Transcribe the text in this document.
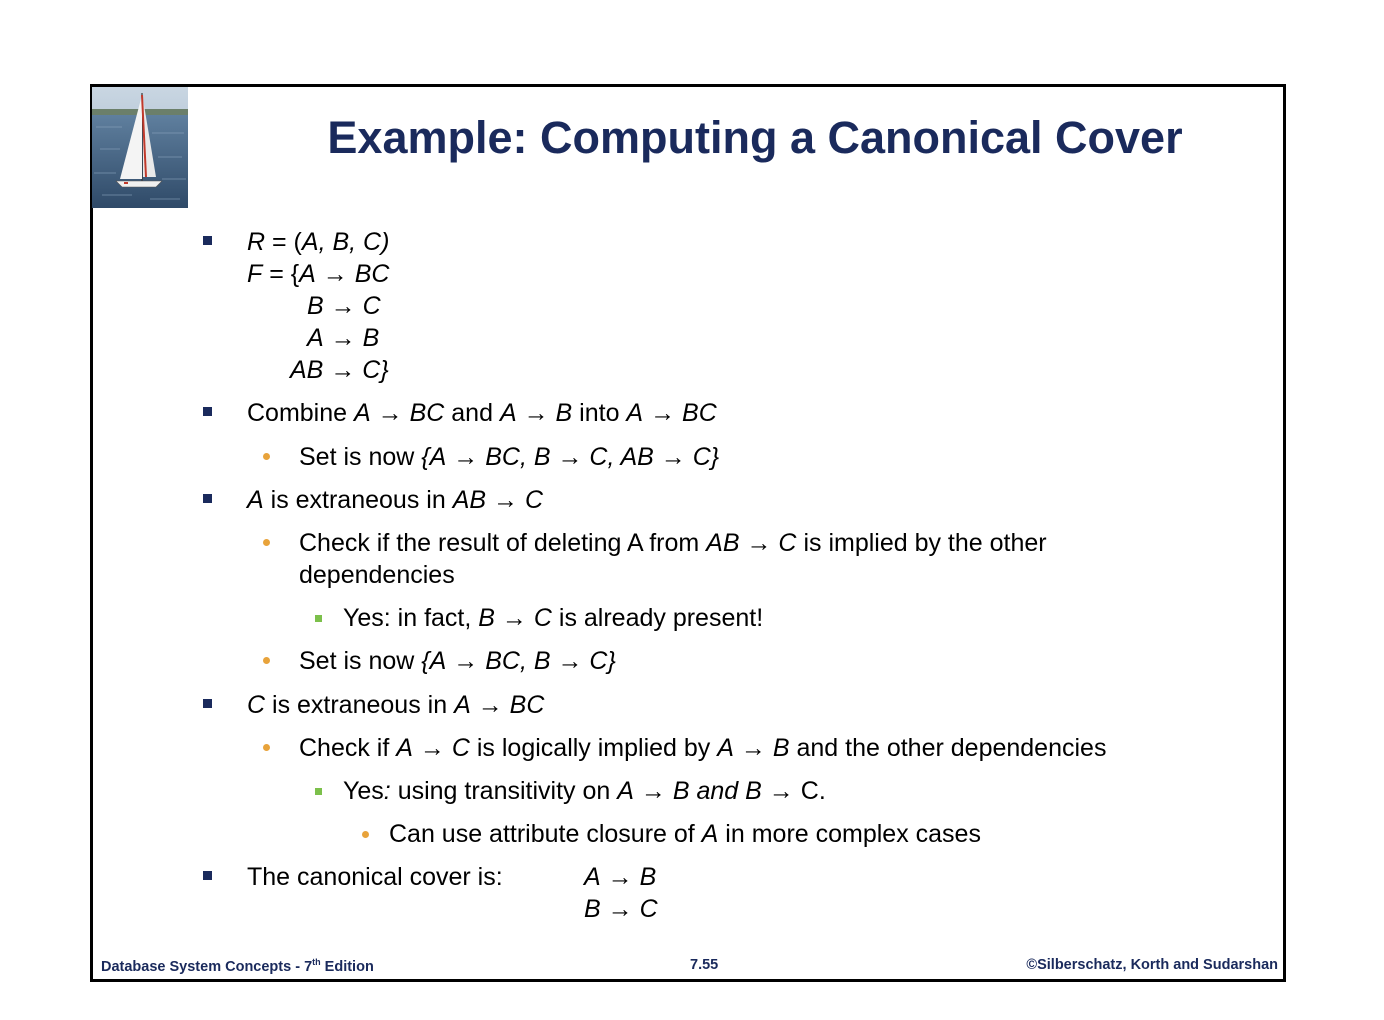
Example: Computing a Canonical Cover
R = (A, B, C)
F = {A → BC
B → C
A → B
AB → C}
Combine A → BC and A → B into A → BC
Set is now {A → BC, B → C, AB → C}
A is extraneous in AB → C
Check if the result of deleting A from AB → C is implied by the other
dependencies
Yes: in fact, B → C is already present!
Set is now {A → BC, B → C}
C is extraneous in A → BC
Check if A → C is logically implied by A → B and the other dependencies
Yes: using transitivity on A → B and B → C.
Can use attribute closure of A in more complex cases
The canonical cover is:	A → B
B → C
Database System Concepts - 7th Edition	7.55	©Silberschatz, Korth and Sudarshan
